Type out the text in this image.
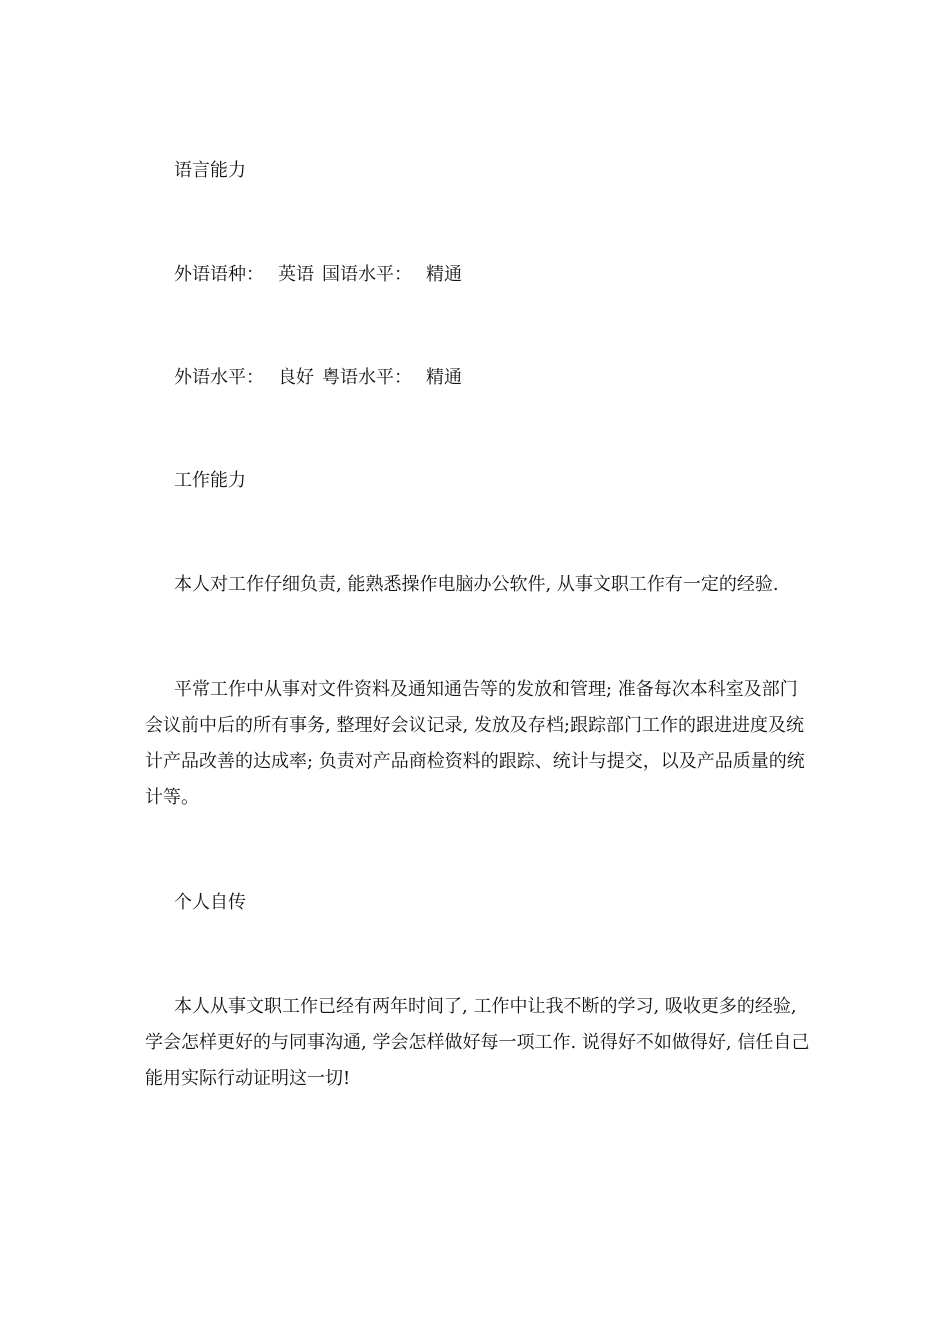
语言能力
外语语种： 英语 国语水平： 精通
外语水平： 良好 粤语水平： 精通
工作能力
本人对工作仔细负责, 能熟悉操作电脑办公软件, 从事文职工作有一定的经验.
平常工作中从事对文件资料及通知通告等的发放和管理; 准备每次本科室及部门会议前中后的所有事务, 整理好会议记录, 发放及存档;跟踪部门工作的跟进进度及统计产品改善的达成率; 负责对产品商检资料的跟踪、统计与提交，以及产品质量的统计等。
个人自传
本人从事文职工作已经有两年时间了, 工作中让我不断的学习, 吸收更多的经验, 学会怎样更好的与同事沟通, 学会怎样做好每一项工作. 说得好不如做得好, 信任自己能用实际行动证明这一切!
